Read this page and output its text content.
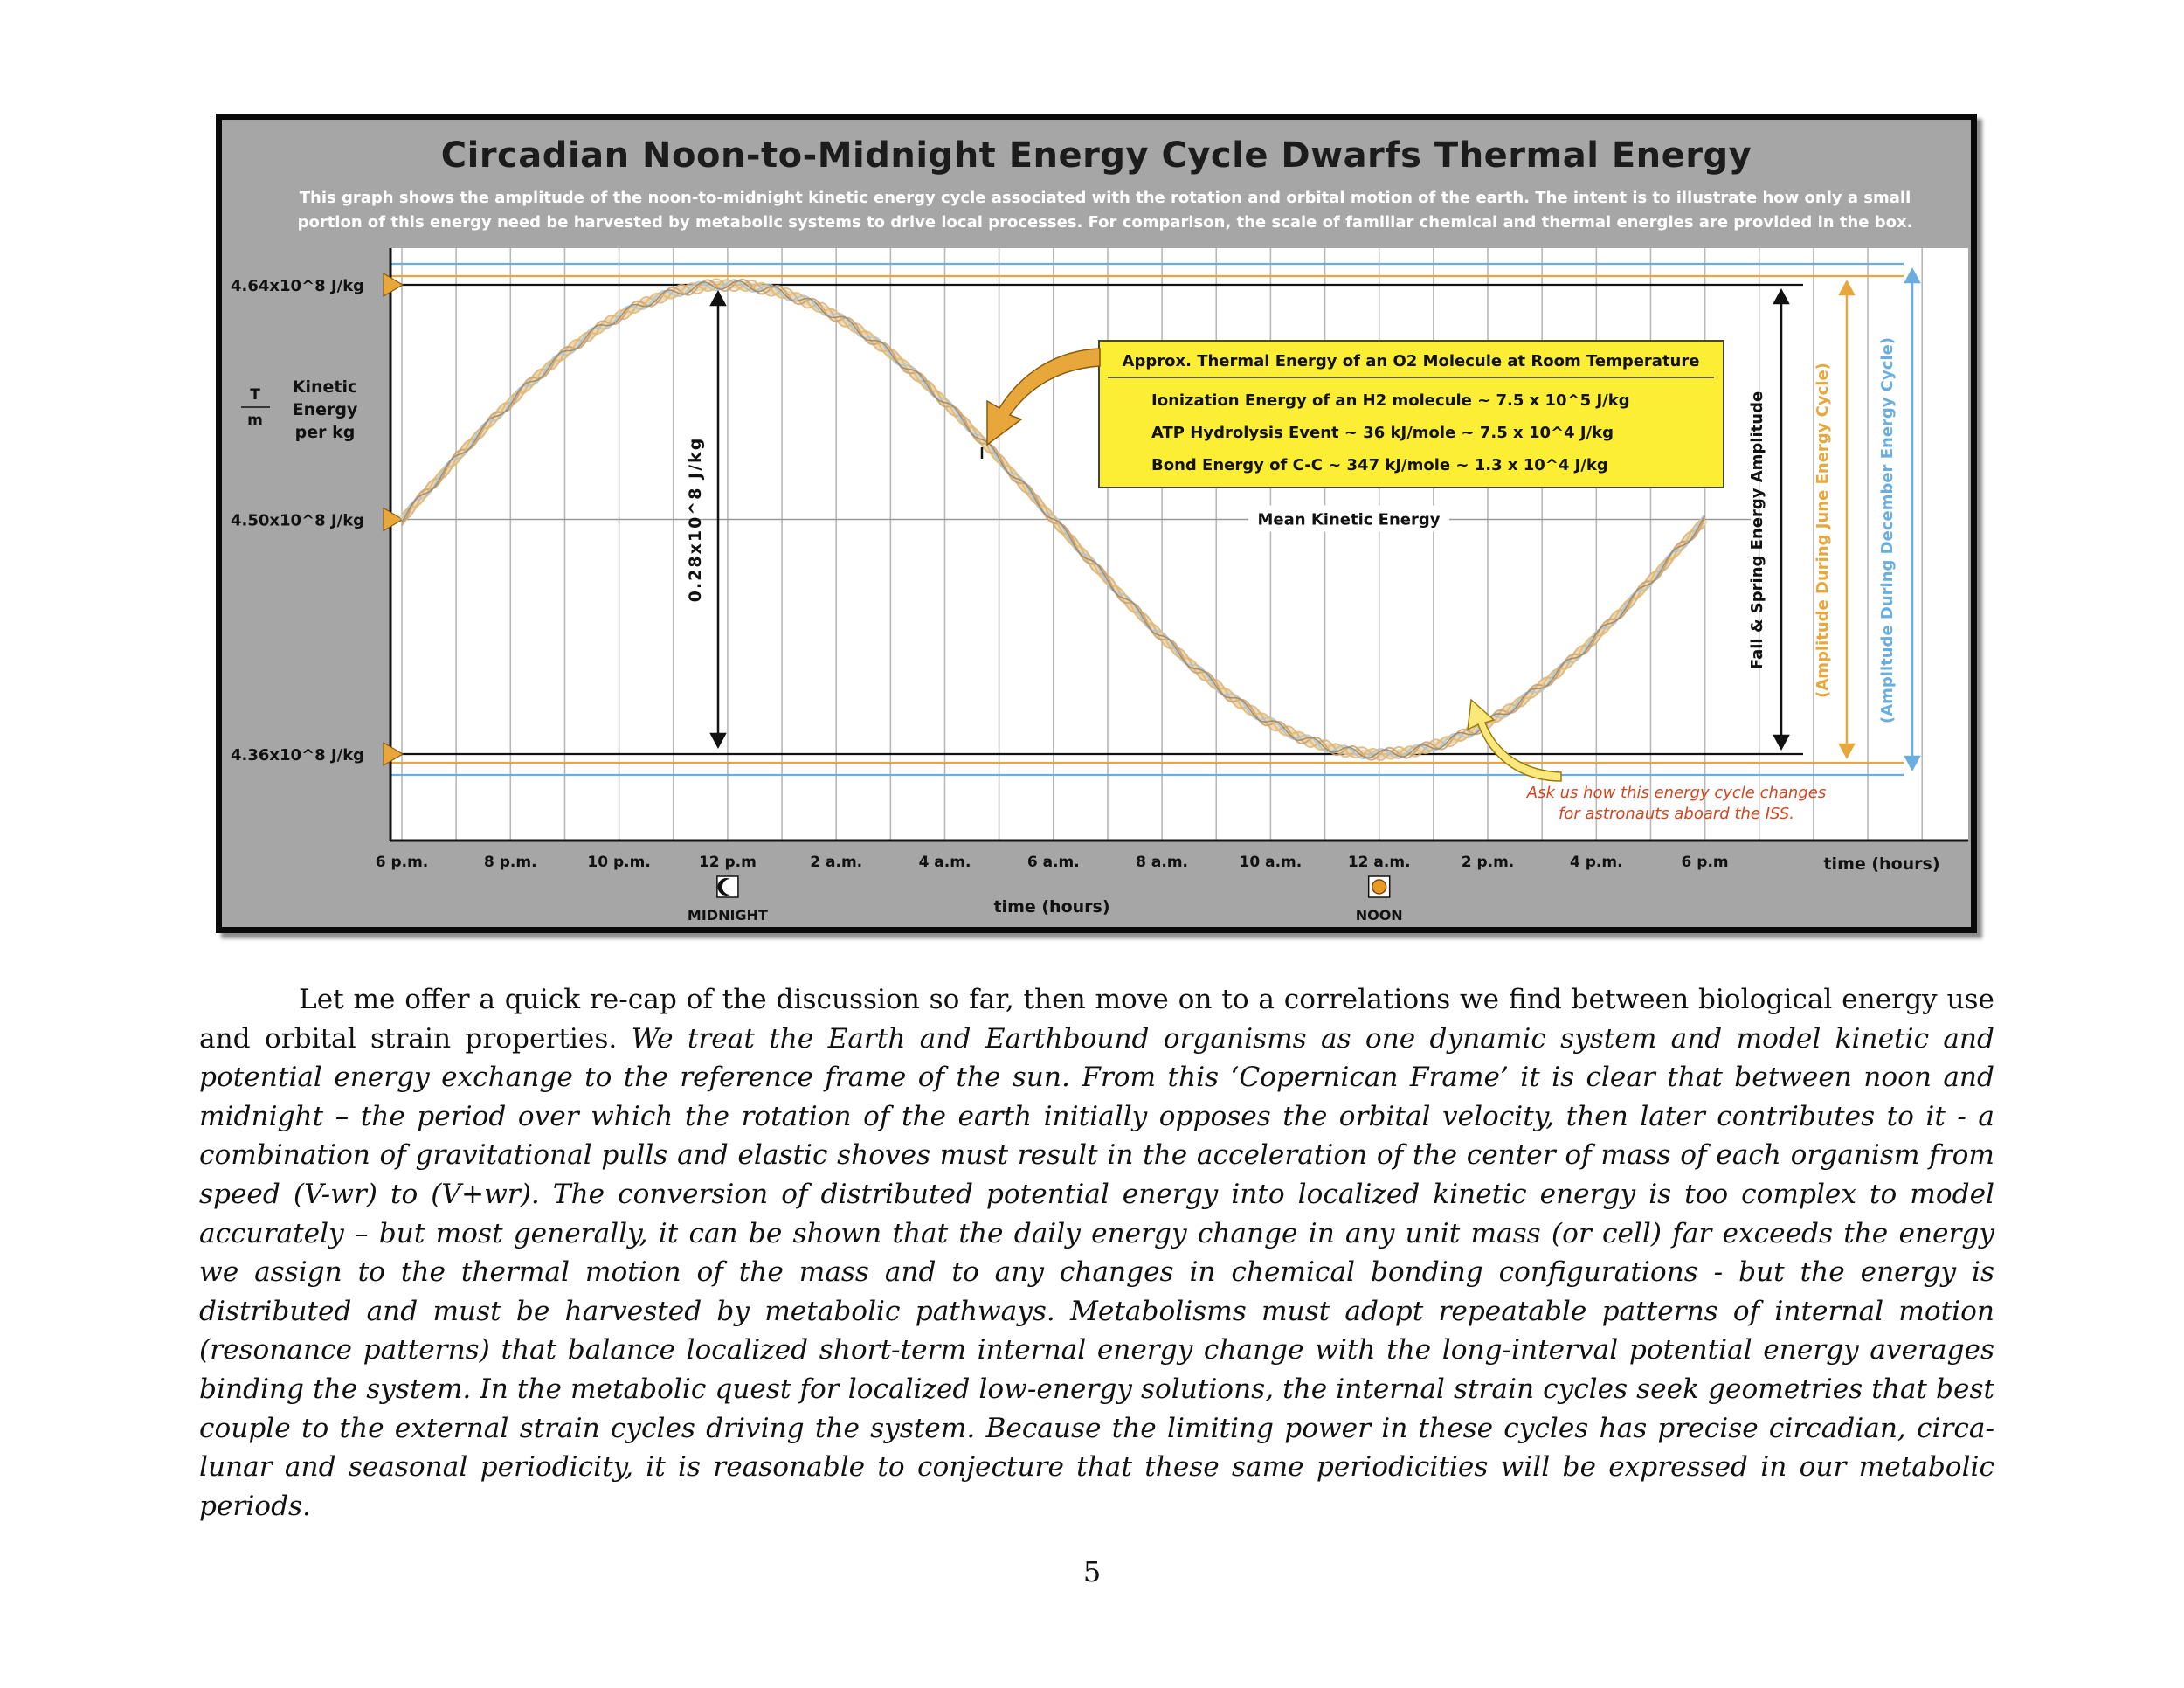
Circadian Noon-to-Midnight Energy Cycle Dwarfs Thermal Energy
This graph shows the amplitude of the noon-to-midnight kinetic energy cycle associated with the rotation and orbital motion of the earth. The intent is to illustrate how only a small
portion of this energy need be harvested by metabolic systems to drive local processes. For comparison, the scale of familiar chemical and thermal energies are provided in the box.
4.36x10^8 J/kg
4.50x10^8 J/kg
4.64x10^8 J/kg
T
m
Kinetic
Energy
per kg
6 p.m.	8 p.m.	10 p.m.	12 p.m	2 a.m.	4 a.m.	6 a.m.	8 a.m.	10 a.m.	12 a.m.	2 p.m.	4 p.m.	6 p.m	time (hours)
time (hours)
MIDNIGHT	NOON
Mean Kinetic Energy
0.28x10^8 J/kg	Fall & Spring Energy Amplitude	(Amplitude During June Energy Cycle)	(Amplitude During December Energy Cycle)
Approx. Thermal Energy of an O2 Molecule at Room Temperature
Ionization Energy of an H2 molecule ~ 7.5 x 10^5 J/kg
ATP Hydrolysis Event ~ 36 kJ/mole ~ 7.5 x 10^4 J/kg
Bond Energy of C-C ~ 347 kJ/mole ~ 1.3 x 10^4 J/kg
Ask us how this energy cycle changes
for astronauts aboard the ISS.

Let me offer a quick re-cap of the discussion so far, then move on to a correlations we find between biological energy use and orbital strain properties. We treat the Earth and Earthbound organisms as one dynamic system and model kinetic and potential energy exchange to the reference frame of the sun. From this ‘Copernican Frame’ it is clear that between noon and midnight – the period over which the rotation of the earth initially opposes the orbital velocity, then later contributes to it - a combination of gravitational pulls and elastic shoves must result in the acceleration of the center of mass of each organism from speed (V-wr) to (V+wr). The conversion of distributed potential energy into localized kinetic energy is too complex to model accurately – but most generally, it can be shown that the daily energy change in any unit mass (or cell) far exceeds the energy we assign to the thermal motion of the mass and to any changes in chemical bonding configurations - but the energy is distributed and must be harvested by metabolic pathways. Metabolisms must adopt repeatable patterns of internal motion (resonance patterns) that balance localized short-term internal energy change with the long-interval potential energy averages binding the system. In the metabolic quest for localized low-energy solutions, the internal strain cycles seek geometries that best couple to the external strain cycles driving the system. Because the limiting power in these cycles has precise circadian, circa-lunar and seasonal periodicity, it is reasonable to conjecture that these same periodicities will be expressed in our metabolic periods.

5
